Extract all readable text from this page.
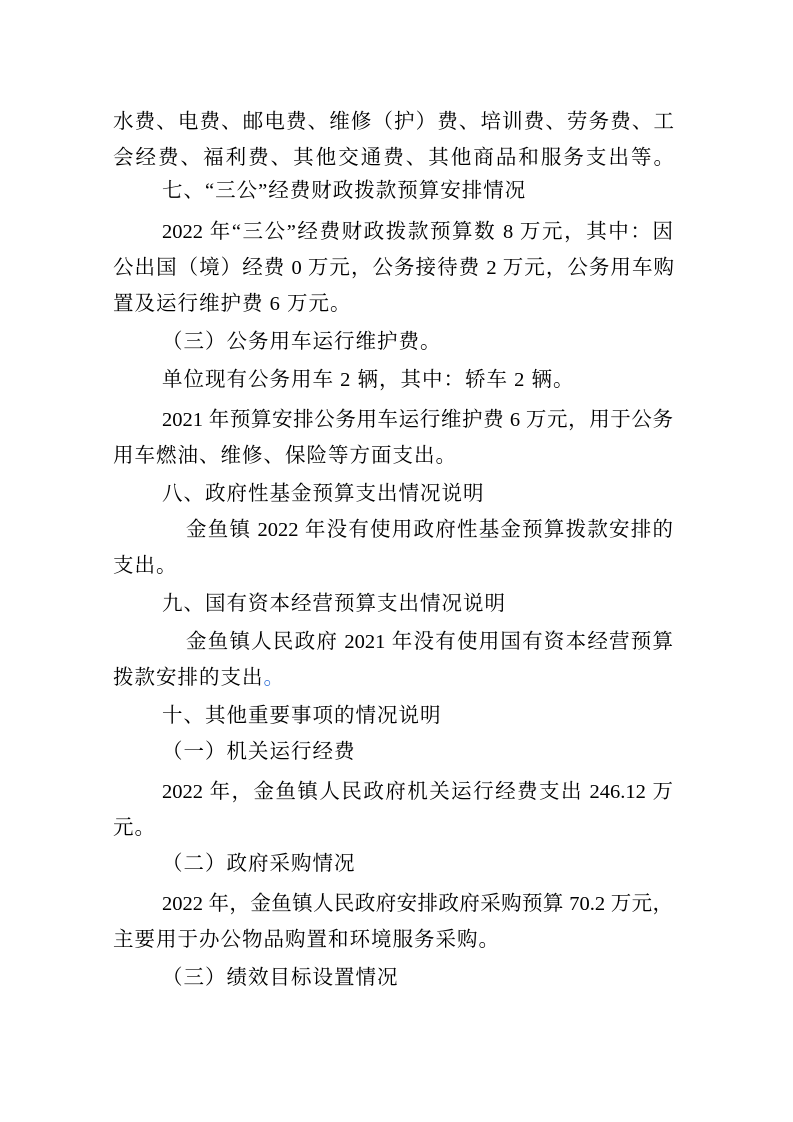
水费、电费、邮电费、维修（护）费、培训费、劳务费、工
会经费、福利费、其他交通费、其他商品和服务支出等。
七、“三公”经费财政拨款预算安排情况
2022 年“三公”经费财政拨款预算数 8 万元，其中：因
公出国（境）经费 0 万元，公务接待费 2 万元，公务用车购
置及运行维护费 6 万元。
（三）公务用车运行维护费。
单位现有公务用车 2 辆，其中：轿车 2 辆。
2021 年预算安排公务用车运行维护费 6 万元，用于公务
用车燃油、维修、保险等方面支出。
八、政府性基金预算支出情况说明
金鱼镇 2022 年没有使用政府性基金预算拨款安排的
支出。
九、国有资本经营预算支出情况说明
金鱼镇人民政府 2021 年没有使用国有资本经营预算
拨款安排的支出。
十、其他重要事项的情况说明
（一）机关运行经费
2022 年，金鱼镇人民政府机关运行经费支出 246.12 万
元。
（二）政府采购情况
2022 年，金鱼镇人民政府安排政府采购预算 70.2 万元，
主要用于办公物品购置和环境服务采购。
（三）绩效目标设置情况
